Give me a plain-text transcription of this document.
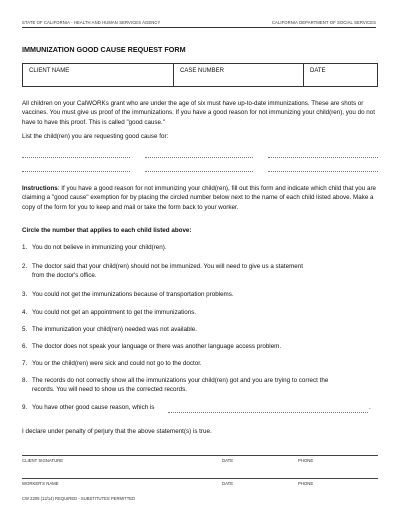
STATE OF CALIFORNIA - HEALTH AND HUMAN SERVICES AGENCY	CALIFORNIA DEPARTMENT OF SOCIAL SERVICES
IMMUNIZATION GOOD CAUSE REQUEST FORM
CLIENT NAME	CASE NUMBER	DATE
All children on your CalWORKs grant who are under the age of six must have up-to-date immunizations. These are shots or vaccines. You must give us proof of the immunizations. If you have a good reason for not immunizing your child(ren), you do not have to have this proof. This is called "good cause."
List the child(ren) you are requesting good cause for:
Instructions: If you have a good reason for not immunizing your child(ren), fill out this form and indicate which child that you are claiming a "good cause" exemption for by placing the circled number below next to the name of each child listed above. Make a copy of the form for you to keep and mail or take the form back to your worker.
Circle the number that applies to each child listed above:
1. You do not believe in immunizing your child(ren).
2. The doctor said that your child(ren) should not be immunized. You will need to give us a statement
from the doctor's office.
3. You could not get the immunizations because of transportation problems.
4. You could not get an appointment to get the immunizations.
5. The immunization your child(ren) needed was not available.
6. The doctor does not speak your language or there was another language access problem.
7. You or the child(ren) were sick and could not go to the doctor.
8. The records do not correctly show all the immunizations your child(ren) got and you are trying to correct the
records. You will need to show us the corrected records.
9. You have other good cause reason, which is	.
I declare under penalty of perjury that the above statement(s) is true.
CLIENT SIGNATURE	DATE	PHONE
WORKER'S NAME	DATE	PHONE
CW 2209 (12/14) REQUIRED - SUBSTITUTES PERMITTED
